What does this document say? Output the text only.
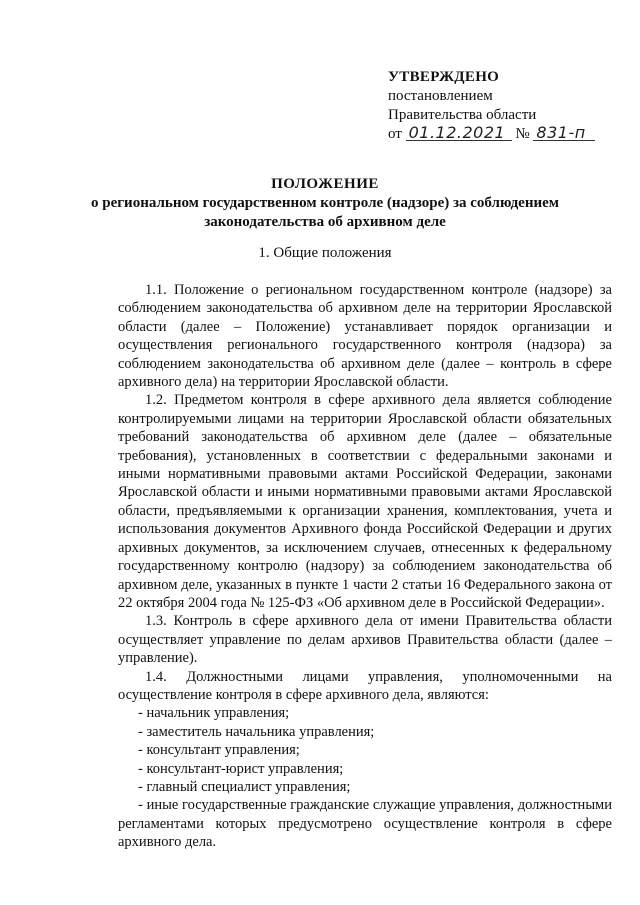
УТВЕРЖДЕНО
постановлением
Правительства области
от 01.12.2021 № 831-п
ПОЛОЖЕНИЕ
о региональном государственном контроле (надзоре) за соблюдением законодательства об архивном деле
1. Общие положения

1.1. Положение о региональном государственном контроле (надзоре) за соблюдением законодательства об архивном деле на территории Ярославской области (далее – Положение) устанавливает порядок организации и осуществления регионального государственного контроля (надзора) за соблюдением законодательства об архивном деле (далее – контроль в сфере архивного дела) на территории Ярославской области.

1.2. Предметом контроля в сфере архивного дела является соблюдение контролируемыми лицами на территории Ярославской области обязательных требований законодательства об архивном деле (далее – обязательные требования), установленных в соответствии с федеральными законами и иными нормативными правовыми актами Российской Федерации, законами Ярославской области и иными нормативными правовыми актами Ярославской области, предъявляемыми к организации хранения, комплектования, учета и использования документов Архивного фонда Российской Федерации и других архивных документов, за исключением случаев, отнесенных к федеральному государственному контролю (надзору) за соблюдением законодательства об архивном деле, указанных в пункте 1 части 2 статьи 16 Федерального закона от 22 октября 2004 года № 125-ФЗ «Об архивном деле в Российской Федерации».

1.3. Контроль в сфере архивного дела от имени Правительства области осуществляет управление по делам архивов Правительства области (далее – управление).

1.4. Должностными лицами управления, уполномоченными на осуществление контроля в сфере архивного дела, являются:

- начальник управления;
- заместитель начальника управления;
- консультант управления;
- консультант-юрист управления;
- главный специалист управления;

- иные государственные гражданские служащие управления, должностными регламентами которых предусмотрено осуществление контроля в сфере архивного дела.
